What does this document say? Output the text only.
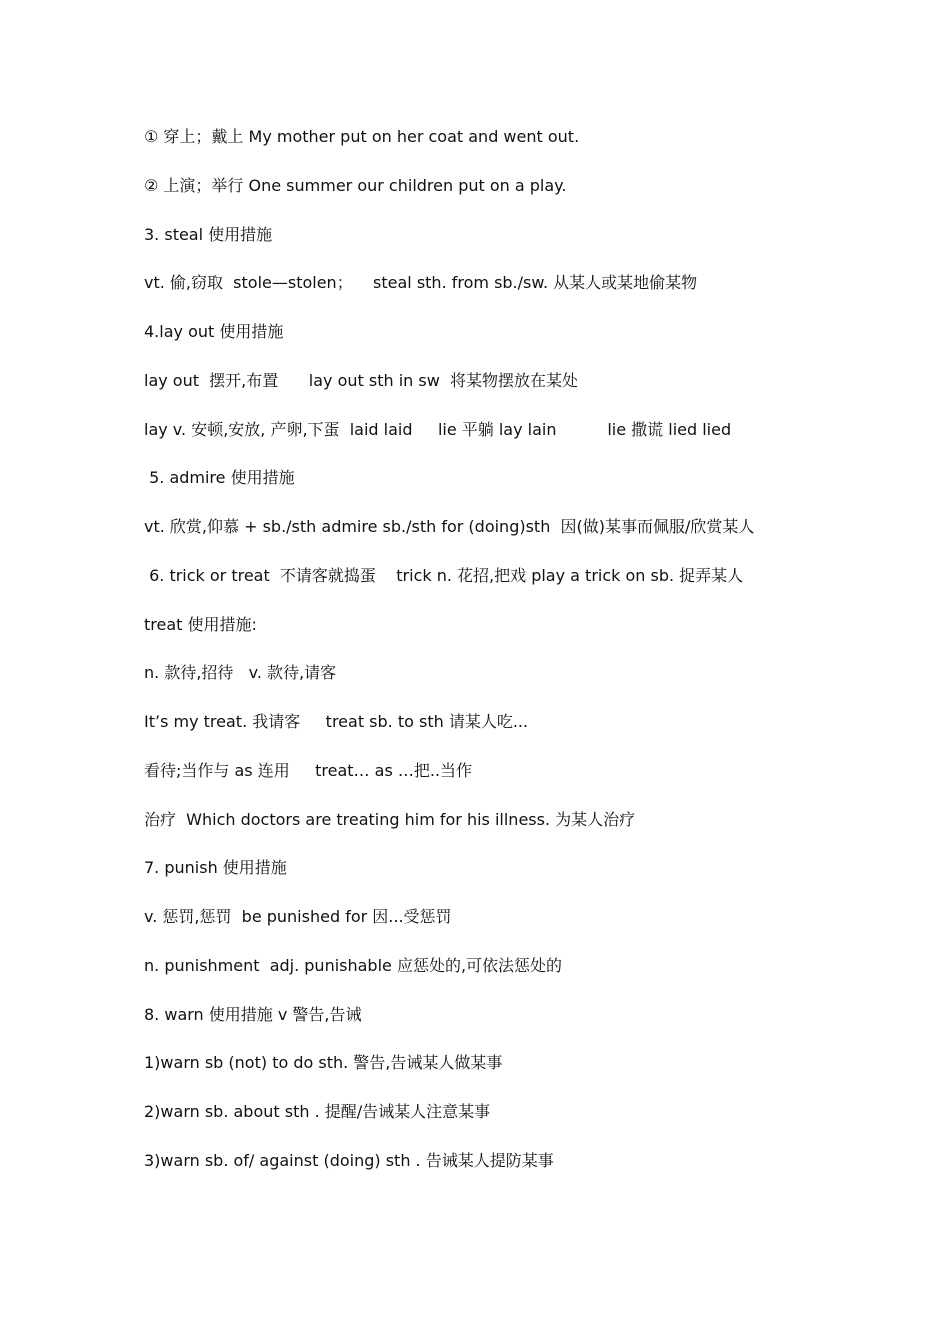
① 穿上；戴上 My mother put on her coat and went out.
② 上演；举行 One summer our children put on a play.
3. steal 使用措施
vt. 偷,窃取  stole—stolen；    steal sth. from sb./sw. 从某人或某地偷某物
4.lay out 使用措施
lay out  摆开,布置      lay out sth in sw  将某物摆放在某处
lay v. 安顿,安放, 产卵,下蛋  laid laid     lie 平躺 lay lain          lie 撒谎 lied lied
5. admire 使用措施
vt. 欣赏,仰慕 + sb./sth admire sb./sth for (doing)sth  因(做)某事而佩服/欣赏某人
6. trick or treat  不请客就捣蛋    trick n. 花招,把戏 play a trick on sb. 捉弄某人
treat 使用措施:
n. 款待,招待   v. 款待,请客
It’s my treat. 我请客     treat sb. to sth 请某人吃...
看待;当作与 as 连用     treat… as …把..当作
治疗  Which doctors are treating him for his illness. 为某人治疗
7. punish 使用措施
v. 惩罚,惩罚  be punished for 因...受惩罚
n. punishment  adj. punishable 应惩处的,可依法惩处的
8. warn 使用措施 v 警告,告诫
1)warn sb (not) to do sth. 警告,告诫某人做某事
2)warn sb. about sth . 提醒/告诫某人注意某事
3)warn sb. of/ against (doing) sth . 告诫某人提防某事
